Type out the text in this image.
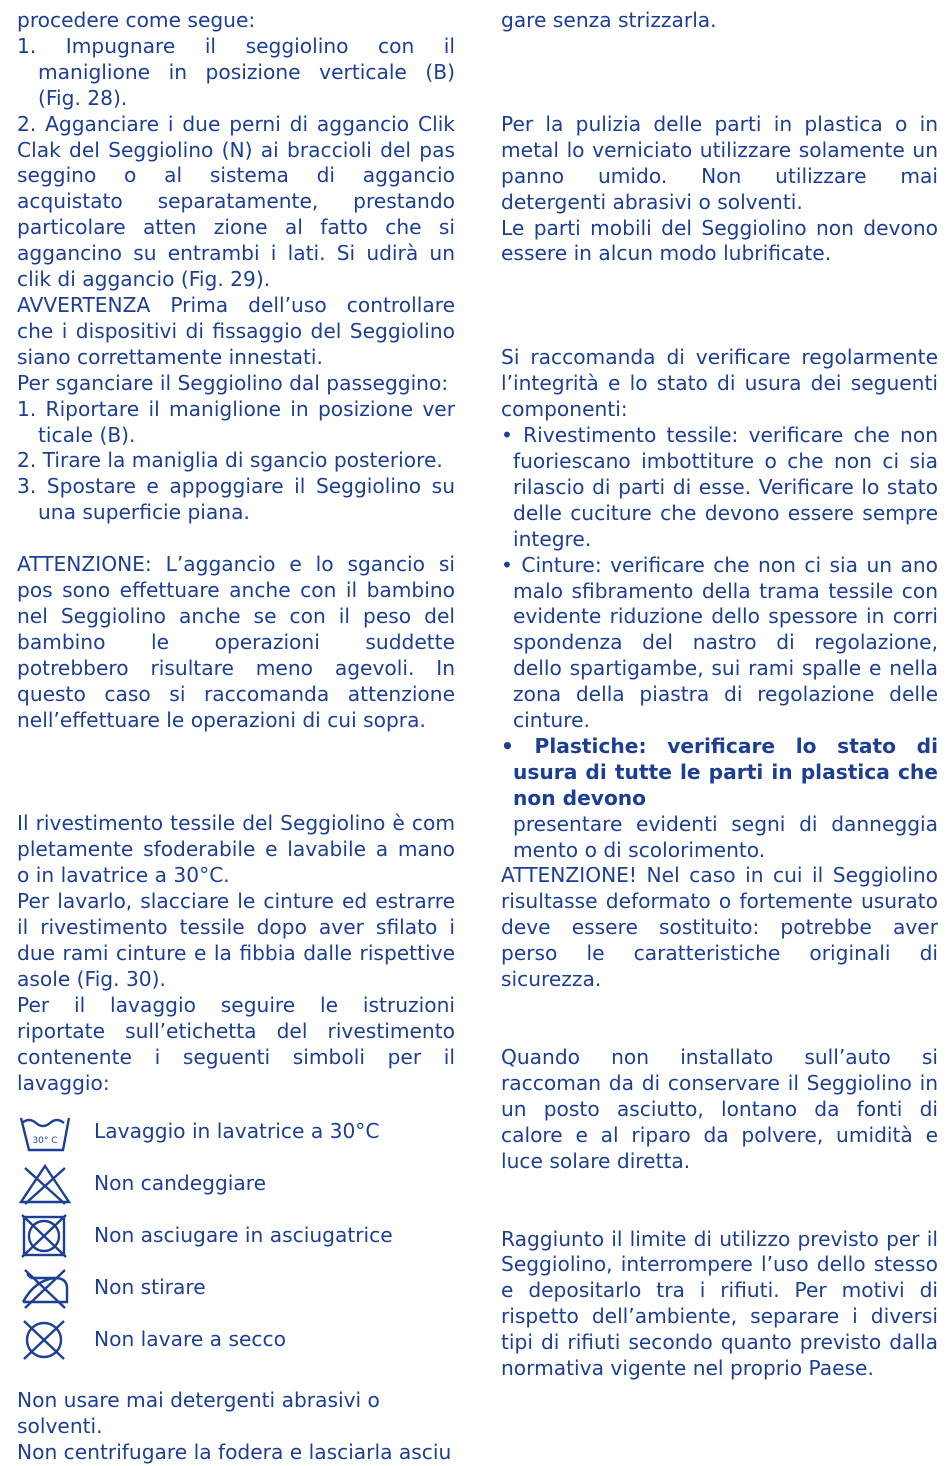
procedere come segue:

1. Impugnare il seggiolino con il maniglione in posizione verticale (B) (Fig. 28).

2. Agganciare i due perni di aggancio Clik Clak del Seggiolino (N) ai braccioli del pas seggino o al sistema di aggancio acquistato separatamente, prestando particolare atten zione al fatto che si aggancino su entrambi i lati. Si udirà un clik di aggancio (Fig. 29).

AVVERTENZA Prima dell’uso controllare che i dispositivi di fissaggio del Seggiolino siano correttamente innestati.

Per sganciare il Seggiolino dal passeggino:

1. Riportare il maniglione in posizione ver ticale (B).

2. Tirare la maniglia di sgancio posteriore.

3. Spostare e appoggiare il Seggiolino su una superficie piana.

ATTENZIONE: L’aggancio e lo sgancio si pos sono effettuare anche con il bambino nel Seggiolino anche se con il peso del bambino le operazioni suddette potrebbero risultare meno agevoli. In questo caso si raccomanda attenzione nell’effettuare le operazioni di cui sopra.

Il rivestimento tessile del Seggiolino è com pletamente sfoderabile e lavabile a mano o in lavatrice a 30°C.

Per lavarlo, slacciare le cinture ed estrarre il rivestimento tessile dopo aver sfilato i due rami cinture e la fibbia dalle rispettive asole (Fig. 30).

Per il lavaggio seguire le istruzioni riportate sull’etichetta del rivestimento contenente i seguenti simboli per il lavaggio:

30° C Lavaggio in lavatrice a 30°C
Non candeggiare
Non asciugare in asciugatrice
Non stirare
Non lavare a secco

Non usare mai detergenti abrasivi o solventi.

Non centrifugare la fodera e lasciarla asciu

gare senza strizzarla.

Per la pulizia delle parti in plastica o in metal lo verniciato utilizzare solamente un panno umido. Non utilizzare mai detergenti abrasivi o solventi.

Le parti mobili del Seggiolino non devono essere in alcun modo lubrificate.

Si raccomanda di verificare regolarmente l’integrità e lo stato di usura dei seguenti componenti:

• Rivestimento tessile: verificare che non fuoriescano imbottiture o che non ci sia rilascio di parti di esse. Verificare lo stato delle cuciture che devono essere sempre integre.

• Cinture: verificare che non ci sia un ano malo sfibramento della trama tessile con evidente riduzione dello spessore in corri spondenza del nastro di regolazione, dello spartigambe, sui rami spalle e nella zona della piastra di regolazione delle cinture.

• Plastiche: verificare lo stato di usura di tutte le parti in plastica che non devono

presentare evidenti segni di danneggia mento o di scolorimento.

ATTENZIONE! Nel caso in cui il Seggiolino risultasse deformato o fortemente usurato deve essere sostituito: potrebbe aver perso le caratteristiche originali di sicurezza.

Quando non installato sull’auto si raccoman da di conservare il Seggiolino in un posto asciutto, lontano da fonti di calore e al riparo da polvere, umidità e luce solare diretta.

Raggiunto il limite di utilizzo previsto per il Seggiolino, interrompere l’uso dello stesso e depositarlo tra i rifiuti. Per motivi di rispetto dell’ambiente, separare i diversi tipi di rifiuti secondo quanto previsto dalla normativa vigente nel proprio Paese.
